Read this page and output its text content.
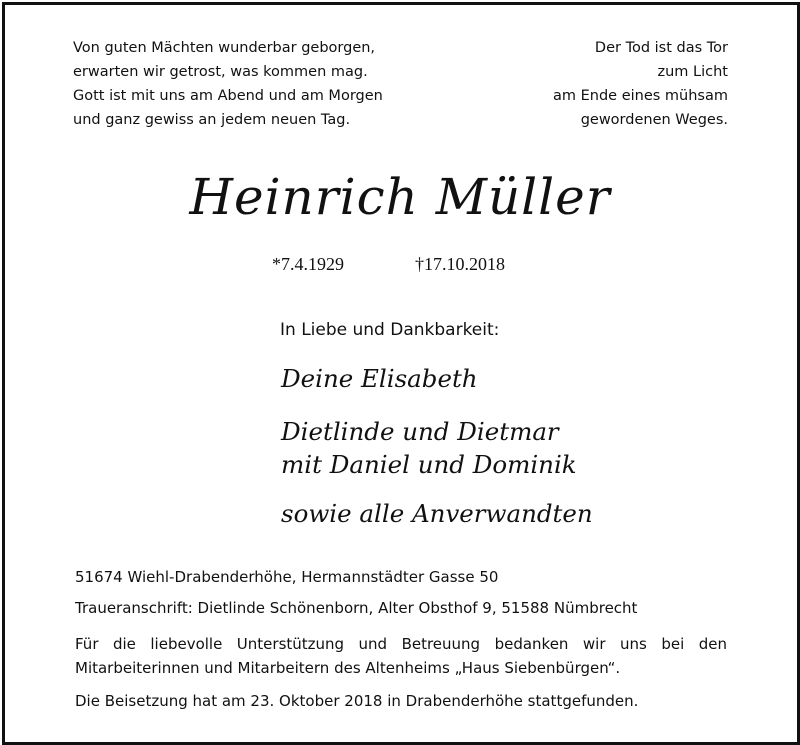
Von guten Mächten wunderbar geborgen,
erwarten wir getrost, was kommen mag.
Gott ist mit uns am Abend und am Morgen
und ganz gewiss an jedem neuen Tag.
Der Tod ist das Tor
zum Licht
am Ende eines mühsam
gewordenen Weges.
Heinrich Müller
*7.4.1929	†17.10.2018
In Liebe und Dankbarkeit:
Deine Elisabeth
Dietlinde und Dietmar
mit Daniel und Dominik
sowie alle Anverwandten
51674 Wiehl-Drabenderhöhe, Hermannstädter Gasse 50
Traueranschrift: Dietlinde Schönenborn, Alter Obsthof 9, 51588 Nümbrecht
Für die liebevolle Unterstützung und Betreuung bedanken wir uns bei den
Mitarbeiterinnen und Mitarbeitern des Altenheims „Haus Siebenbürgen“.
Die Beisetzung hat am 23. Oktober 2018 in Drabenderhöhe stattgefunden.
